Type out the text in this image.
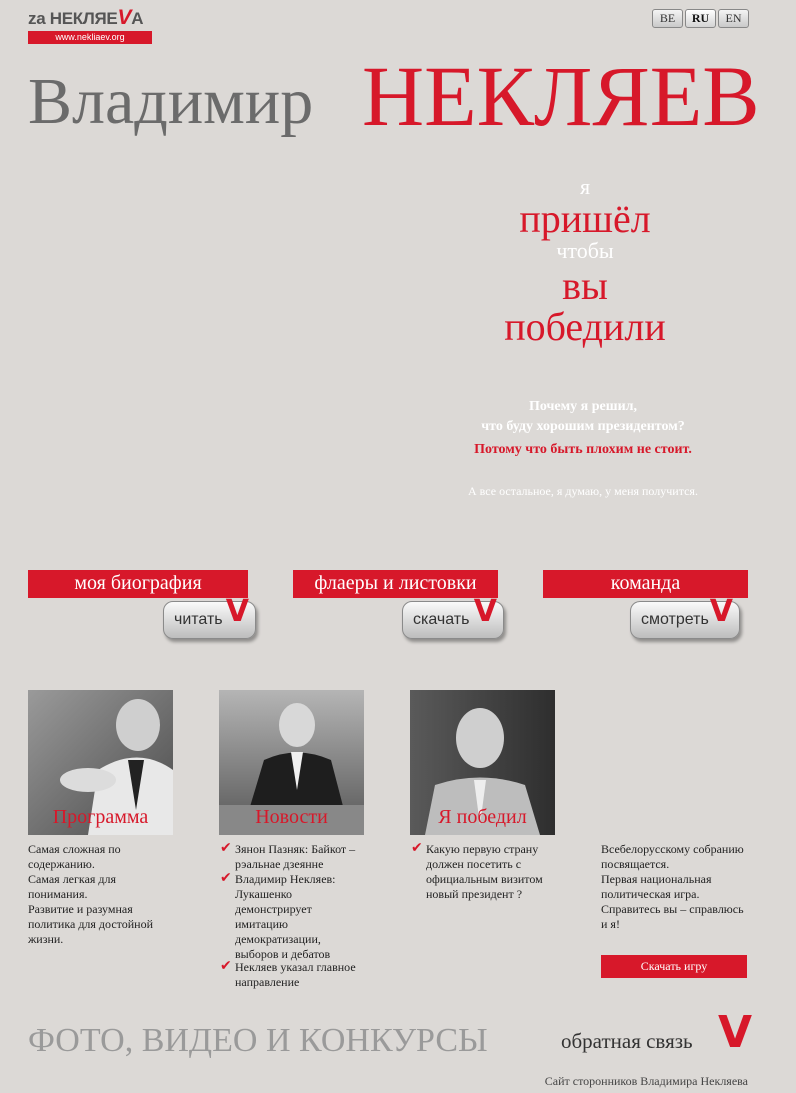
za НЕКЛЯЕVA
www.nekliaev.org
BE	RU	EN
Владимир НЕКЛЯЕВ
я
пришёл
чтобы
вы
победили
Почему я решил,
что буду хорошим президентом?
Потому что быть плохим не стоит.
А все остальное, я думаю, у меня получится.
моя биография	флаеры и листовки	команда
читать V	скачать V	смотреть V
Программа	Новости	Я победил
Самая сложная по содержанию.
Самая легкая для понимания.
Развитие и разумная политика для достойной жизни.
✔ Зянон Пазняк: Байкот – рэальнае дзеянне
✔ Владимир Некляев: Лукашенко демонстрирует имитацию демократизации, выборов и дебатов
✔ Некляев указал главное направление
✔ Какую первую страну должен посетить с официальным визитом новый президент ?
Всебелорусскому собранию посвящается.
Первая национальная политическая игра.
Справитесь вы – справлюсь и я!
Скачать игру
ФОТО, ВИДЕО И КОНКУРСЫ	обратная связь V
Сайт сторонников Владимира Некляева
